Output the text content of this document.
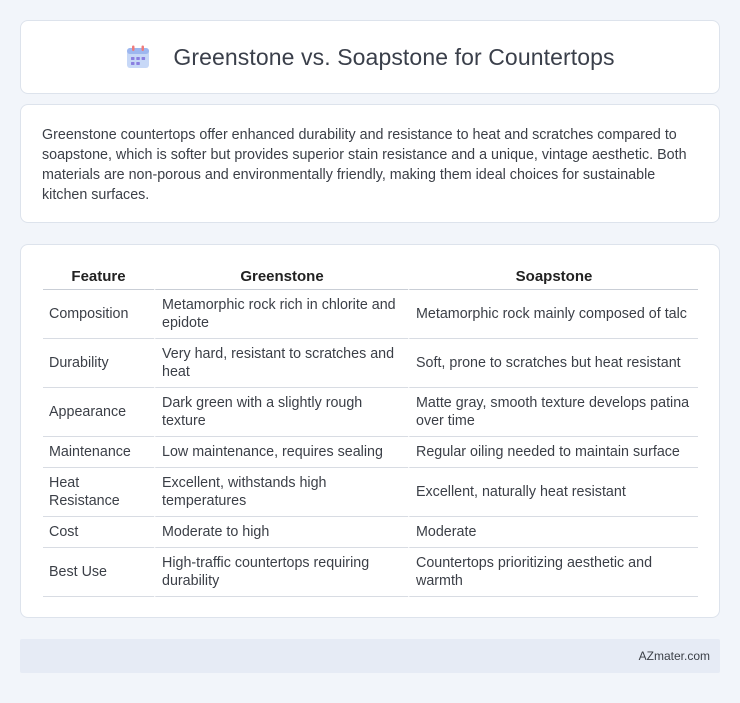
Greenstone vs. Soapstone for Countertops

Greenstone countertops offer enhanced durability and resistance to heat and scratches compared to soapstone, which is softer but provides superior stain resistance and a unique, vintage aesthetic. Both materials are non-porous and environmentally friendly, making them ideal choices for sustainable kitchen surfaces.

Feature	Greenstone	Soapstone
Composition	Metamorphic rock rich in chlorite and epidote	Metamorphic rock mainly composed of talc
Durability	Very hard, resistant to scratches and heat	Soft, prone to scratches but heat resistant
Appearance	Dark green with a slightly rough texture	Matte gray, smooth texture develops patina over time
Maintenance	Low maintenance, requires sealing	Regular oiling needed to maintain surface
Heat Resistance	Excellent, withstands high temperatures	Excellent, naturally heat resistant
Cost	Moderate to high	Moderate
Best Use	High-traffic countertops requiring durability	Countertops prioritizing aesthetic and warmth
AZmater.com
